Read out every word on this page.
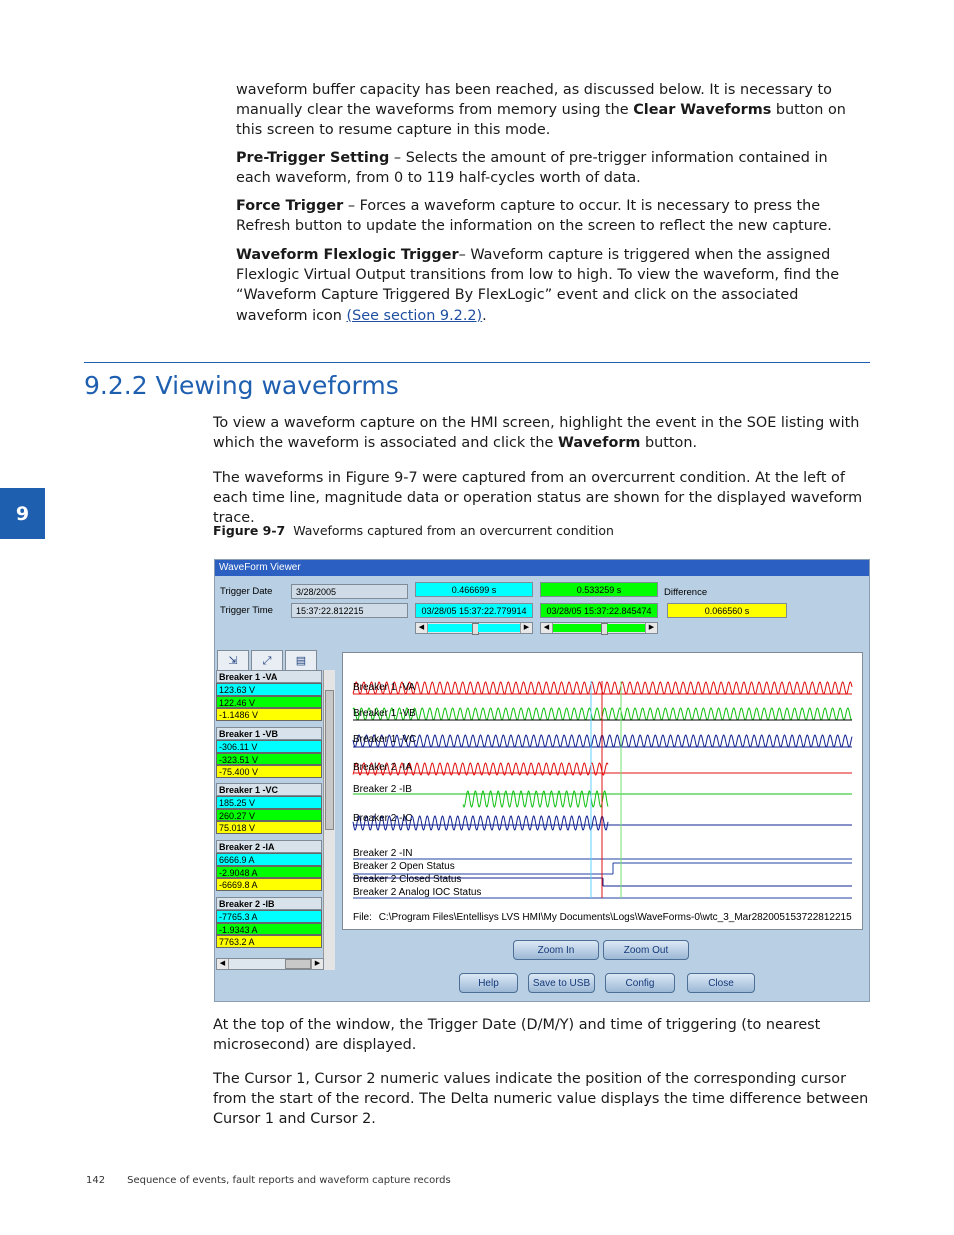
waveform buffer capacity has been reached, as discussed below. It is necessary to manually clear the waveforms from memory using the Clear Waveforms button on this screen to resume capture in this mode.

Pre-Trigger Setting – Selects the amount of pre-trigger information contained in each waveform, from 0 to 119 half-cycles worth of data.

Force Trigger – Forces a waveform capture to occur. It is necessary to press the Refresh button to update the information on the screen to reflect the new capture.

Waveform Flexlogic Trigger– Waveform capture is triggered when the assigned Flexlogic Virtual Output transitions from low to high. To view the waveform, find the “Waveform Capture Triggered By FlexLogic” event and click on the associated waveform icon (See section 9.2.2).

9.2.2 Viewing waveforms
9

To view a waveform capture on the HMI screen, highlight the event in the SOE listing with which the waveform is associated and click the Waveform button.

The waveforms in Figure 9-7 were captured from an overcurrent condition. At the left of each time line, magnitude data or operation status are shown for the displayed waveform trace.

Figure 9-7 Waveforms captured from an overcurrent condition
WaveForm Viewer
Trigger Date	3/28/2005
Trigger Time	15:37:22.812215
0.466699 s
03/28/05 15:37:22.779914
0.533259 s
03/28/05 15:37:22.845474
Difference
0.066560 s
◀	▶	◀	▶
⇲	⤢	▤
Breaker 1 -VA
123.63 V
122.46 V
-1.1486 V
Breaker 1 -VB
-306.11 V
-323.51 V
-75.400 V
Breaker 1 -VC
185.25 V
260.27 V
75.018 V
Breaker 2 -IA
6666.9 A
-2.9048 A
-6669.8 A
Breaker 2 -IB
-7765.3 A
-1.9343 A
7763.2 A
◀	▶
Breaker 1 -VA
Breaker 1 -VB
Breaker 1 -VC
Breaker 2 -IA
Breaker 2 -IB
Breaker 2 -IC
Breaker 2 -IN
Breaker 2 Open Status
Breaker 2 Closed Status
Breaker 2 Analog IOC Status
File: C:\Program Files\Entellisys LVS HMI\My Documents\Logs\WaveForms-0\wtc_3_Mar282005153722812215
Zoom In	Zoom Out
Help	Save to USB	Config	Close

At the top of the window, the Trigger Date (D/M/Y) and time of triggering (to nearest microsecond) are displayed.

The Cursor 1, Cursor 2 numeric values indicate the position of the corresponding cursor from the start of the record. The Delta numeric value displays the time difference between Cursor 1 and Cursor 2.

142 Sequence of events, fault reports and waveform capture records
